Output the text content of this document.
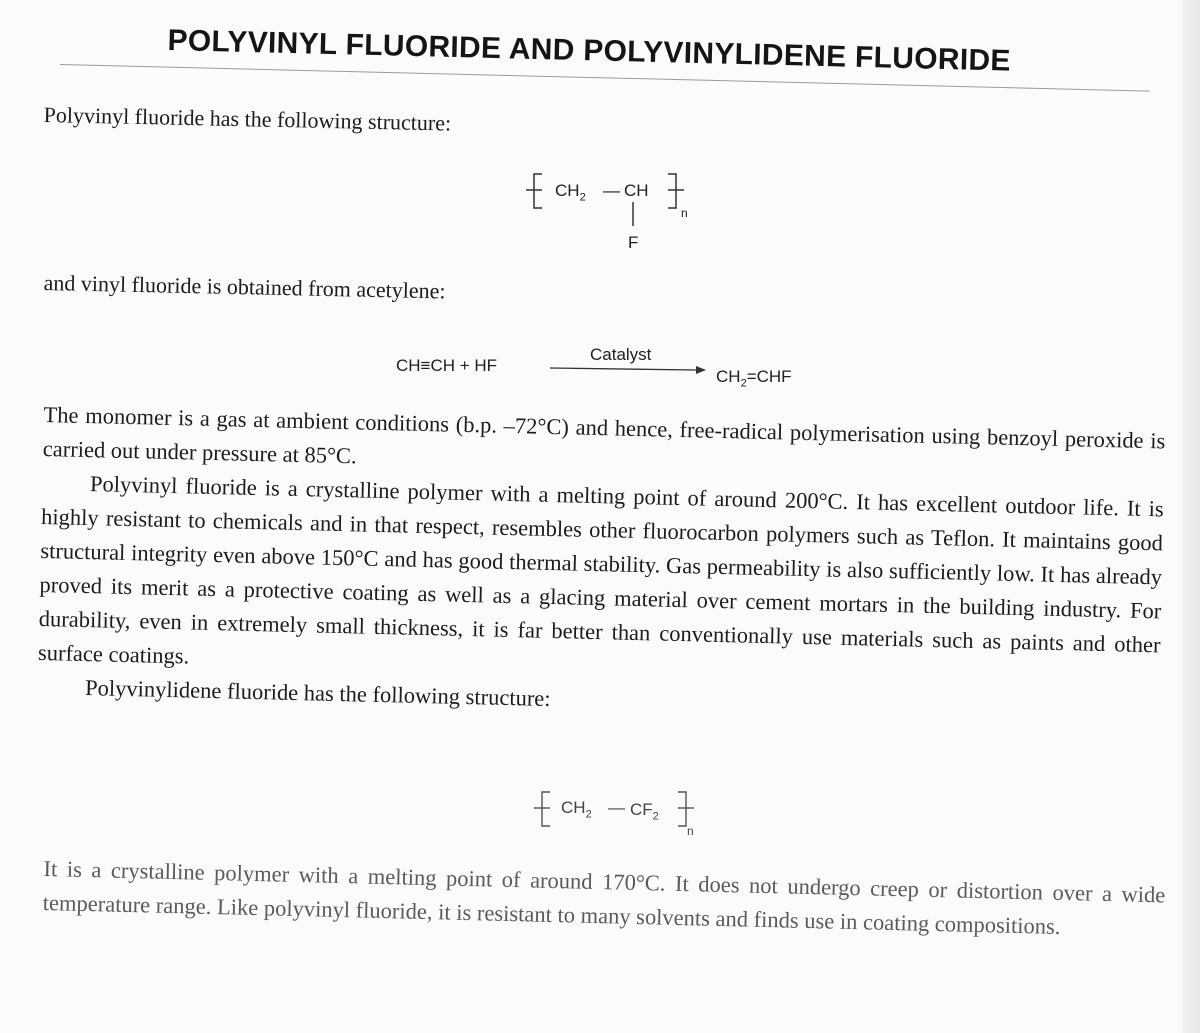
POLYVINYL FLUORIDE AND POLYVINYLIDENE FLUORIDE
Polyvinyl fluoride has the following structure:
$CH_2$ — CH
F
n
and vinyl fluoride is obtained from acetylene:
CH≡CH + HF
Catalyst
$CH_2=CHF$

The monomer is a gas at ambient conditions (b.p. –72°C) and hence, free-radical polymerisation using benzoyl peroxide is carried out under pressure at 85°C.

Polyvinyl fluoride is a crystalline polymer with a melting point of around 200°C. It has excellent outdoor life. It is highly resistant to chemicals and in that respect, resembles other fluorocarbon polymers such as Teflon. It maintains good structural integrity even above 150°C and has good thermal stability. Gas permeability is also sufficiently low. It has already proved its merit as a protective coating as well as a glacing material over cement mortars in the building industry. For durability, even in extremely small thickness, it is far better than conventionally use materials such as paints and other surface coatings.

Polyvinylidene fluoride has the following structure:

$CH_2$ — $CF_2$
n

It is a crystalline polymer with a melting point of around 170°C. It does not undergo creep or distortion over a wide temperature range. Like polyvinyl fluoride, it is resistant to many solvents and finds use in coating compositions.
